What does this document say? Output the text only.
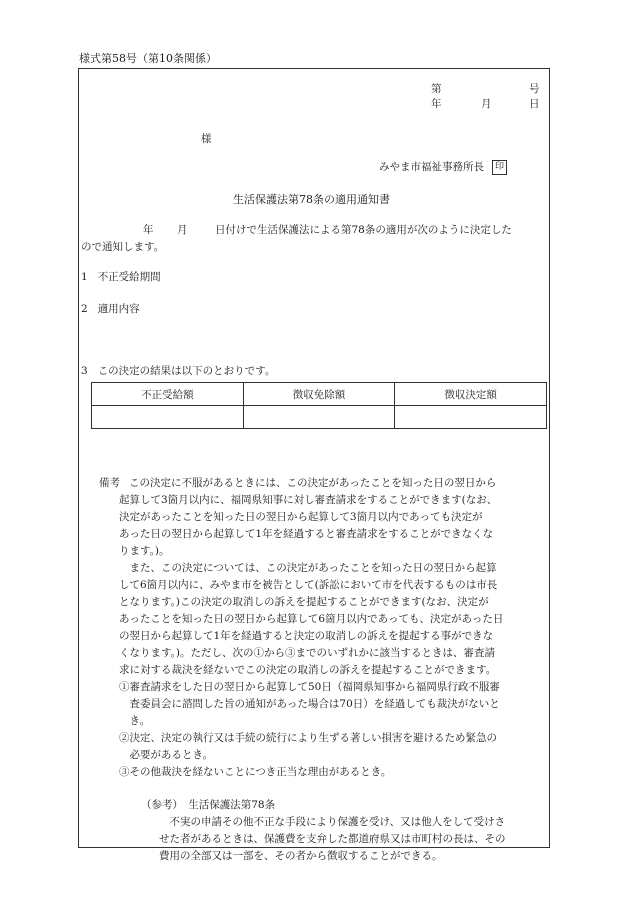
様式第58号（第10条関係）
第	号
年	月	日
様
みやま市福祉事務所長 印
生活保護法第78条の適用通知書
年 月	日付けで生活保護法による第78条の適用が次のように決定した
ので通知します。
1 不正受給期間
2 適用内容
3 この決定の結果は以下のとおりです。
不正受給額	徴収免除額	徴収決定額

備考 この決定に不服があるときには、この決定があったことを知った日の翌日から
起算して3箇月以内に、福岡県知事に対し審査請求をすることができます(なお、
決定があったことを知った日の翌日から起算して3箇月以内であっても決定が
あった日の翌日から起算して1年を経過すると審査請求をすることができなくな
ります。)。
　また、この決定については、この決定があったことを知った日の翌日から起算
して6箇月以内に、みやま市を被告として(訴訟において市を代表するものは市長
となります。)この決定の取消しの訴えを提起することができます(なお、決定が
あったことを知った日の翌日から起算して6箇月以内であっても、決定があった日
の翌日から起算して1年を経過すると決定の取消しの訴えを提起する事ができな
くなります。)。ただし、次の①から③までのいずれかに該当するときは、審査請
求に対する裁決を経ないでこの決定の取消しの訴えを提起することができます。
①審査請求をした日の翌日から起算して50日（福岡県知事から福岡県行政不服審
　査委員会に諮問した旨の通知があった場合は70日）を経過しても裁決がないと
　き。
②決定、決定の執行又は手続の続行により生ずる著しい損害を避けるため緊急の
　必要があるとき。
③その他裁決を経ないことにつき正当な理由があるとき。
（参考）　生活保護法第78条
　不実の申請その他不正な手段により保護を受け、又は他人をして受けさ
せた者があるときは、保護費を支弁した都道府県又は市町村の長は、その
費用の全部又は一部を、その者から徴収することができる。
